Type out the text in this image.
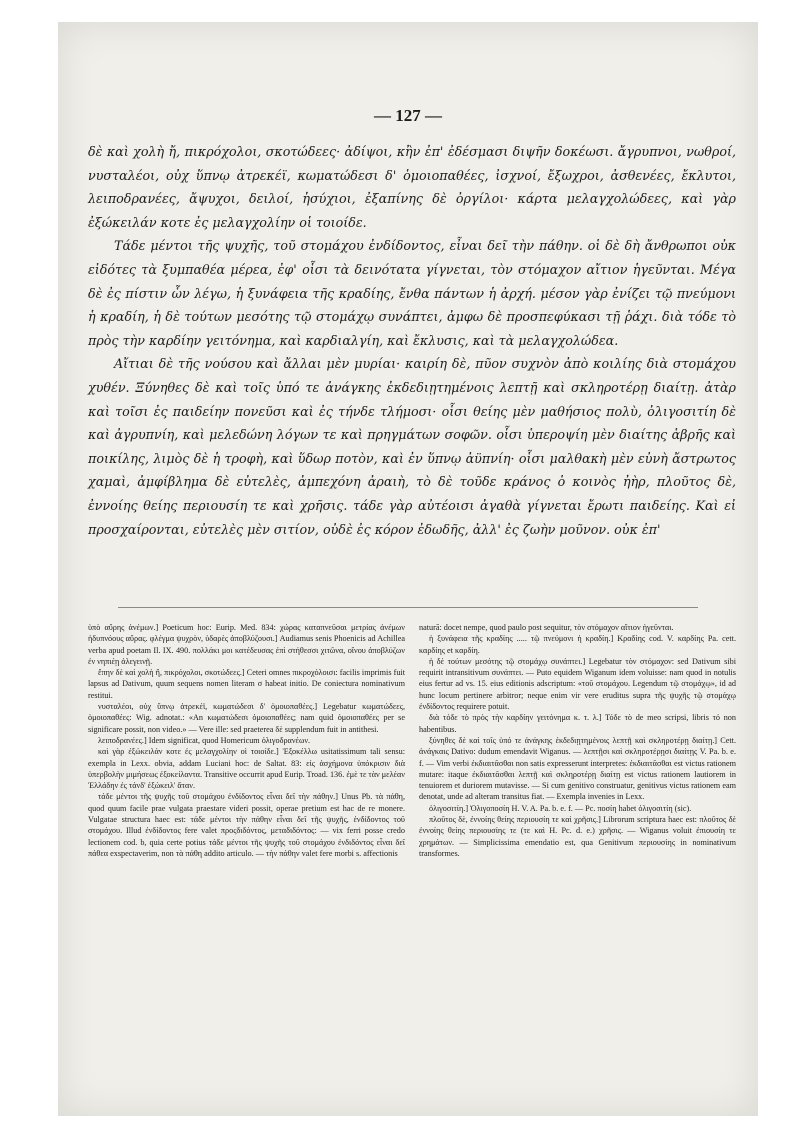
— 127 —

δὲ καὶ χολὴ ἤ, πικρόχολοι, σκοτώδεες· ἀδίψοι, κἢν ἐπ' ἐδέσμασι διψῆν δοκέωσι. ἄγρυπνοι, νωθροί, νυσταλέοι, οὐχ ὕπνῳ ἀτρεκέϊ, κωματώδεσι δ' ὁμοιοπαθέες, ἰσχνοί, ἔξωχροι, ἀσθενέες, ἔκλυτοι, λειποδρανέες, ἄψυχοι, δειλοί, ἡσύχιοι, ἐξαπίνης δὲ ὀργίλοι· κάρτα μελαγχολώδεες, καὶ γὰρ ἐξώκειλάν κοτε ἐς μελαγχολίην οἱ τοιοίδε.

Τάδε μέντοι τῆς ψυχῆς, τοῦ στομάχου ἐνδίδοντος, εἶναι δεῖ τὴν πάθην. οἱ δὲ δὴ ἄνθρωποι οὐκ εἰδότες τὰ ξυμπαθέα μέρεα, ἐφ' οἷσι τὰ δεινότατα γίγνεται, τὸν στόμαχον αἴτιον ἡγεῦνται. Μέγα δὲ ἐς πίστιν ὧν λέγω, ἡ ξυνάφεια τῆς κραδίης, ἔνθα πάντων ἡ ἀρχή. μέσον γὰρ ἐνίζει τῷ πνεύμονι ἡ κραδίη, ἡ δὲ τούτων μεσότης τῷ στομάχῳ συνάπτει, ἀμφω δὲ προσπεφύκασι τῇ ῥάχι. διὰ τόδε τὸ πρὸς τὴν καρδίην γειτόνημα, καὶ καρδιαλγίη, καὶ ἔκλυσις, καὶ τὰ μελαγχολώδεα.

Αἴτιαι δὲ τῆς νούσου καὶ ἄλλαι μὲν μυρίαι· καιρίη δὲ, πῦον συχνὸν ἀπὸ κοιλίης διὰ στομάχου χυθέν. Ξύνηθες δὲ καὶ τοῖς ὑπό τε ἀνάγκης ἐκδεδιῃτημένοις λεπτῇ καὶ σκληροτέρῃ διαίτῃ. ἀτὰρ καὶ τοῖσι ἐς παιδείην πονεῦσι καὶ ἐς τήνδε τλήμοσι· οἷσι θείης μὲν μαθήσιος πολὺ, ὀλιγοσιτίη δὲ καὶ ἀγρυπνίη, καὶ μελεδώνη λόγων τε καὶ πρηγμάτων σοφῶν. οἷσι ὑπεροψίη μὲν διαίτης ἁβρῆς καὶ ποικίλης, λιμὸς δὲ ἡ τροφὴ, καὶ ὕδωρ ποτὸν, καὶ ἐν ὕπνῳ ἀϋπνίη· οἷσι μαλθακὴ μὲν εὐνὴ ἄστρωτος χαμαὶ, ἀμφίβλημα δὲ εὐτελὲς, ἀμπεχόνη ἀραιὴ, τὸ δὲ τοῦδε κράνος ὁ κοινὸς ἠὴρ, πλοῦτος δὲ, ἐννοίης θείης περιουσίη τε καὶ χρῆσις. τάδε γὰρ αὐτέοισι ἀγαθὰ γίγνεται ἔρωτι παιδείης. Καὶ εἰ προσχαίρονται, εὐτελὲς μὲν σιτίον, οὐδὲ ἐς κόρον ἐδωδῆς, ἀλλ' ἐς ζωὴν μοῦνον. οὐκ ἐπ'

ὑπὸ αὔρης ἀνέμων.] Poeticum hoc: Eurip. Med. 834: χώρας καταπνεῦσαι μετρίας ἀνέμων ἡδυπνόους αὔρας. φλέγμα ψυχρὸν, ὑδαρὲς ἀποβλύζουσι.] Audiamus senis Phoenicis ad Achillea verba apud poetam Il. IX. 490. πολλάκι μοι κατέδευσας ἐπὶ στήθεσσι χιτῶνα, οἴνου ἀποβλύζων ἐν νηπιέῃ ἀλεγεινῇ.

ἔπην δὲ καὶ χολὴ ἤ, πικρόχολοι, σκοτώδεες.] Ceteri omnes πικροχόλοισι: facilis imprimis fuit lapsus ad Dativum, quum sequens nomen literam σ habeat initio. De coniectura nominativum restitui.

νυσταλέοι, οὐχ ὕπνῳ ἀτρεκέϊ, κωματώδεσι δ' ὁμοιοπαθέες.] Legebatur κωματώδεες, ὁμοιοπαθέες: Wig. adnotat.: «An κωματώδεσι ὁμοιοπαθέες; nam quid ὁμοιοπαθέες per se significare possit, non video.» — Vere ille: sed praeterea δὲ supplendum fuit in antithesi.

λειποδρανέες.] Idem significat, quod Homericum ὀλιγοδρανέων.

καὶ γὰρ ἐξώκειλάν κοτε ἐς μελαγχολίην οἱ τοιοίδε.] Ἐξοκέλλω usitatissimum tali sensu: exempla in Lexx. obvia, addam Luciani hoc: de Saltat. 83: εἰς ἀσχήμονα ὑπόκρισιν διὰ ὑπερβολὴν μιμήσεως ἐξοκείλαντα. Transitive occurrit apud Eurip. Troad. 136. ἐμὲ τε τὰν μελέαν Ἑλλάδην ἐς τάνδ' ἐξώκειλ' ἄταν.

τάδε μέντοι τῆς ψυχῆς τοῦ στομάχου ἐνδίδοντος εἶναι δεῖ τὴν πάθην.] Unus Pb. τὰ πάθη, quod quum facile prae vulgata praestare videri possit, operae pretium est hac de re monere. Vulgatae structura haec est: τάδε μέντοι τὴν πάθην εἶναι δεῖ τῆς ψυχῆς, ἐνδίδοντος τοῦ στομάχου. Illud ἐνδίδοντος fere valet προςδιδόντος, μεταδιδόντος: — vix ferri posse credo lectionem cod. b, quia certe potius τάδε μέντοι τῆς ψυχῆς τοῦ στομάχου ἐνδιδόντος εἶναι δεῖ πάθεα exspectaverim, non τὰ πάθη addito articulo. — τὴν πάθην valet fere morbi s. affectionis

naturā: docet nempe, quod paulo post sequitur, τὸν στόμαχον αἴτιον ἡγεῦνται.

ἡ ξυνάφεια τῆς κραδίης ..... τῷ πνεύμονι ἡ κραδίη.] Κραδίης cod. V. καρδίης Pa. cett. καρδίης et καρδίη.

ἡ δὲ τούτων μεσότης τῷ στομάχῳ συνάπτει.] Legebatur τὸν στόμαχον: sed Dativum sibi requirit intransitivum συνάπτει. — Puto equidem Wiganum idem voluisse: nam quod in notulis eius fertur ad vs. 15. eius editionis adscriptum: «τοῦ στομάχου. Legendum τῷ στομάχῳ», id ad hunc locum pertinere arbitror; neque enim vir vere eruditus supra τῆς ψυχῆς τῷ στομάχῳ ἐνδίδοντος requirere potuit.

διὰ τόδε τὸ πρὸς τὴν καρδίην γειτόνημα κ. τ. λ.] Τόδε τὸ de meo scripsi, libris τό non habentibus.

ξύνηθες δὲ καὶ τοῖς ὑπό τε ἀνάγκης ἐκδεδιῃτημένοις λεπτῇ καὶ σκληροτέρῃ διαίτῃ.] Cett. ἀνάγκαις Dativo: dudum emendavit Wiganus. — λεπτῇσι καὶ σκληροτέρῃσι διαίτῃς V. Pa. b. e. f. — Vim verbi ἐκδιαιτᾶσθαι non satis expresserunt interpretes: ἐκδιαιτᾶσθαι est victus rationem mutare: itaque ἐκδιαιτᾶσθαι λεπτῇ καὶ σκληροτέρῃ διαίτῃ est victus rationem lautiorem in tenuiorem et duriorem mutavisse. — Si cum genitivo construatur, genitivus victus rationem eam denotat, unde ad alteram transitus fiat. — Exempla invenies in Lexx.

ὀλιγοσιτίη.] Ὀλιγοποσίη H. V. A. Pa. b. e. f. — Pc. ποσίη habet ὀλιγοσιτίη (sic).

πλοῦτος δὲ, ἐννοίης θείης περιουσίη τε καὶ χρῆσις.] Librorum scriptura haec est: πλοῦτος δὲ ἐννοίης θείης περιουσίης τε (τε καὶ H. Pc. d. e.) χρῆσις. — Wiganus voluit ἐπιουσίη τε χρημάτων. — Simplicissima emendatio est, qua Genitivum περιουσίης in nominativum transformes.
